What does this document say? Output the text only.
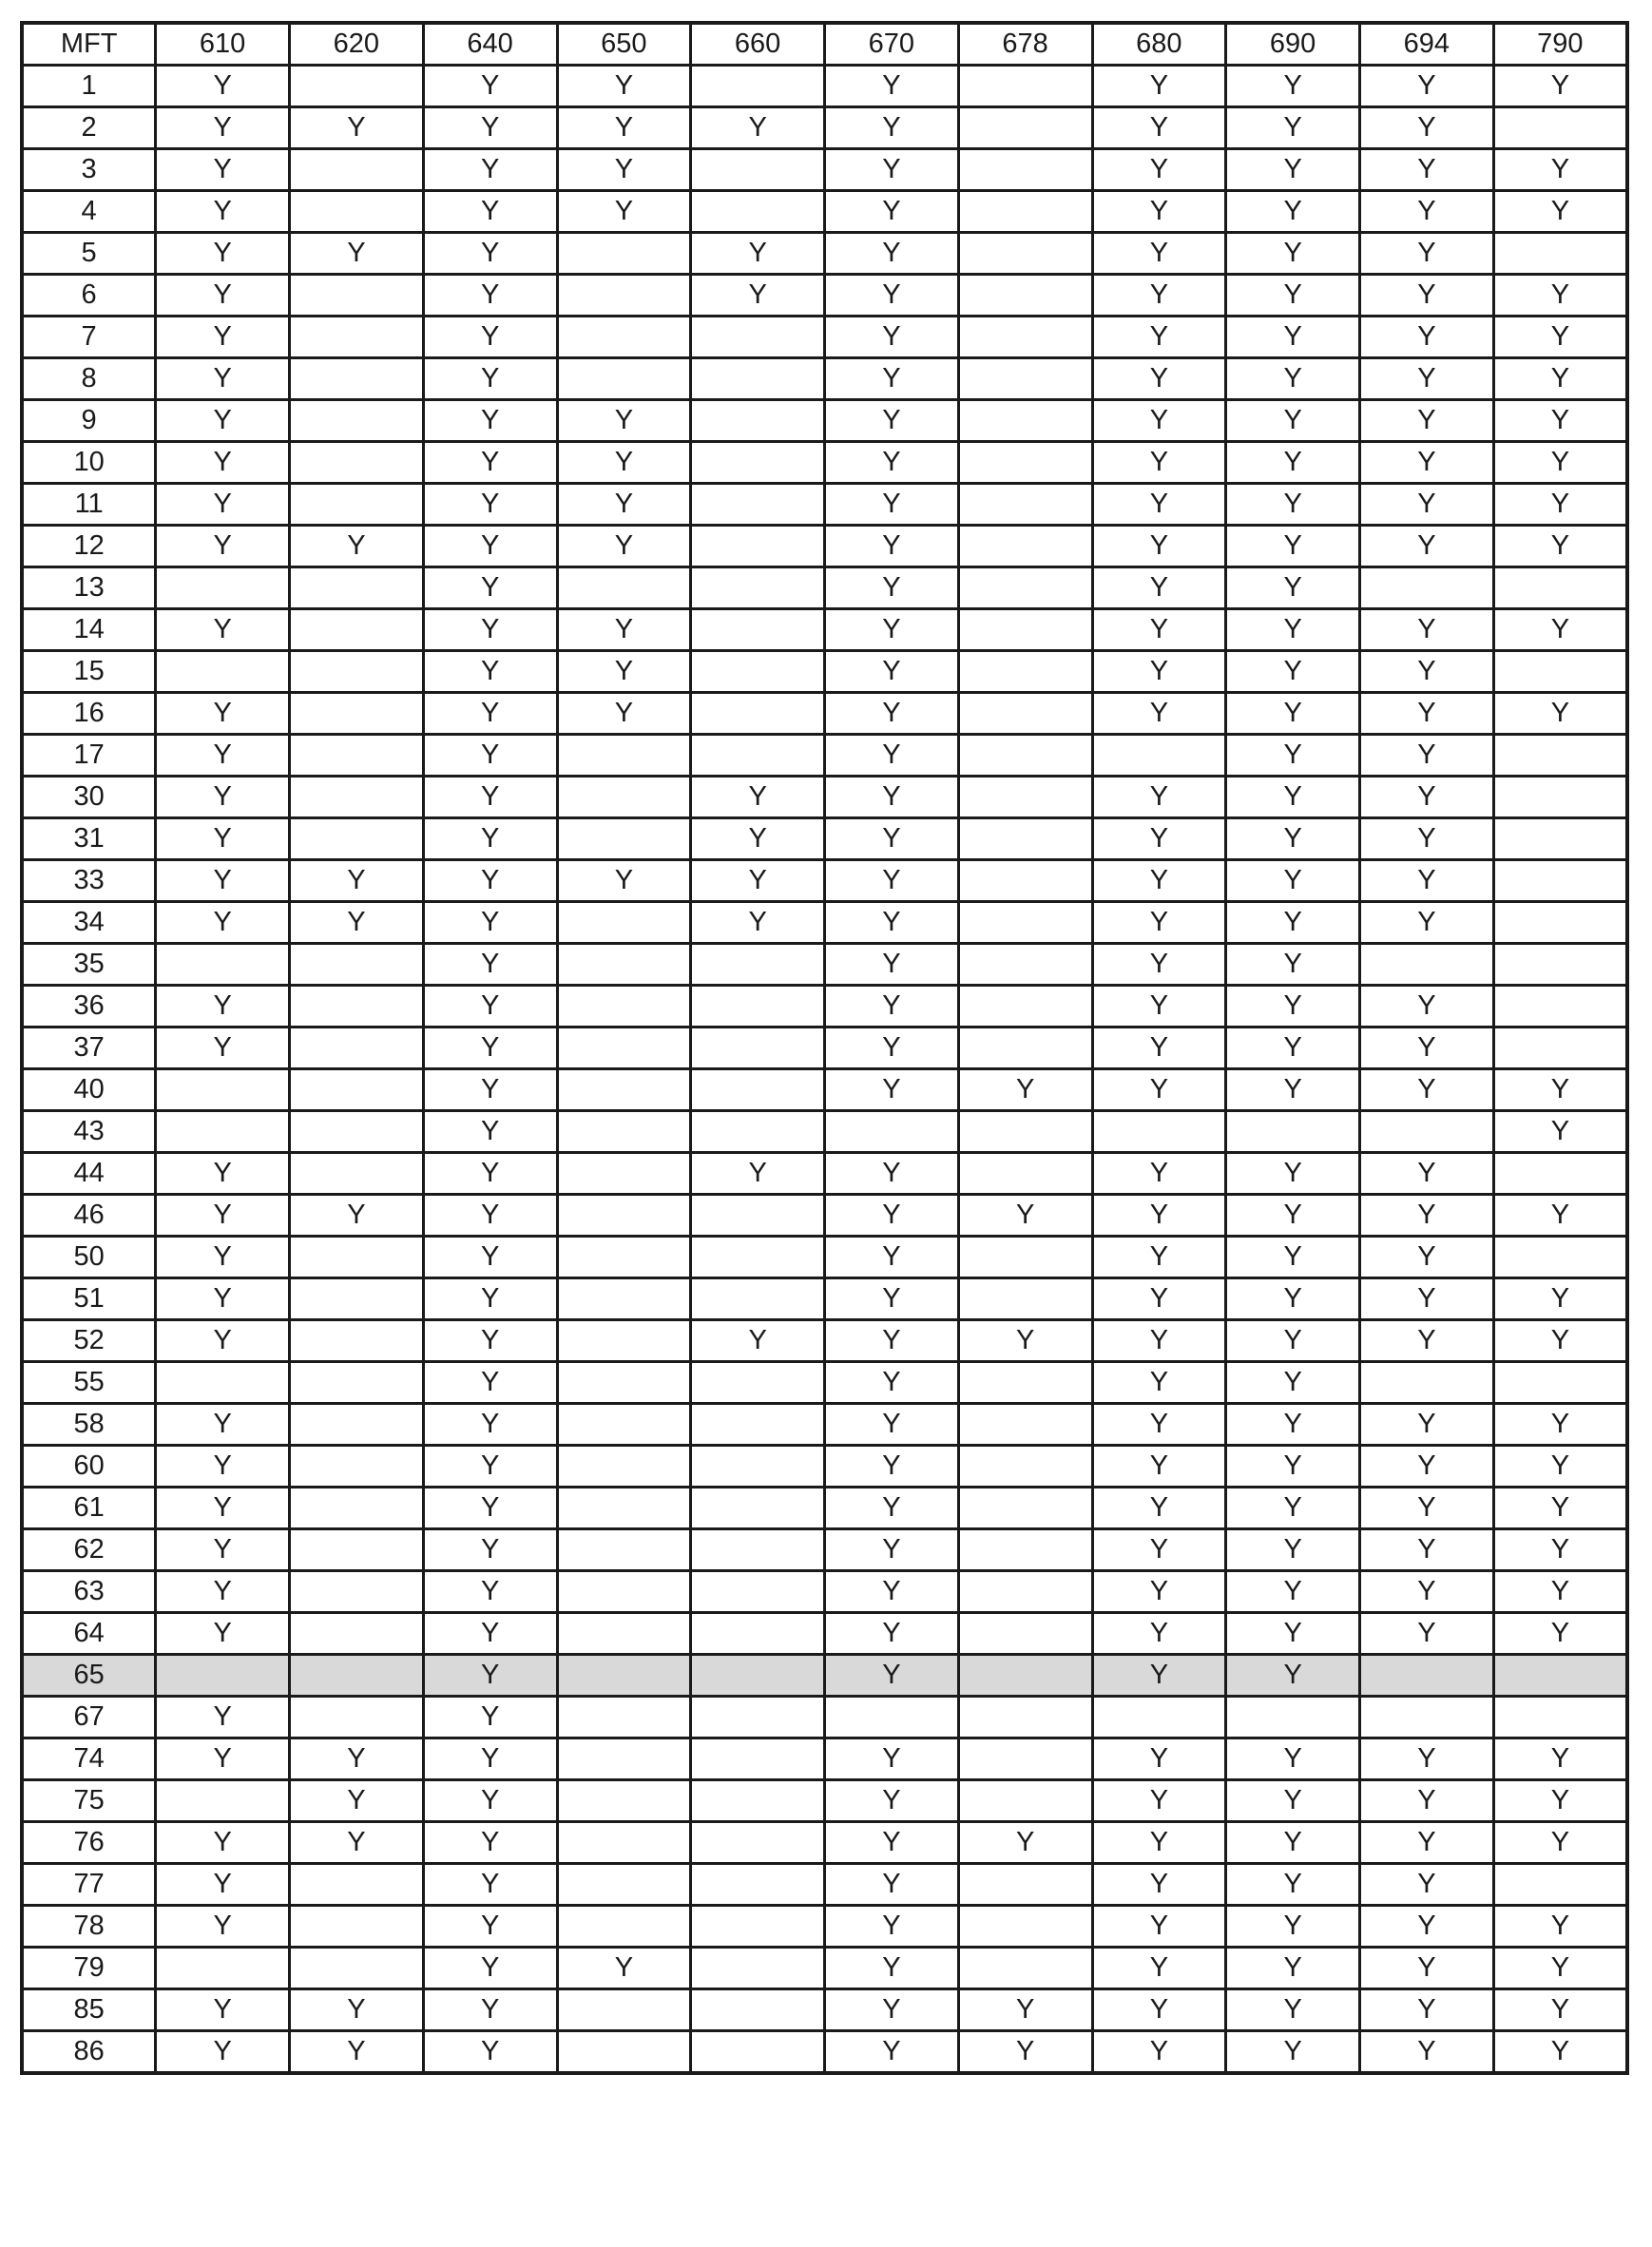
MFT	610	620	640	650	660	670	678	680	690	694	790
1	Y		Y	Y		Y		Y	Y	Y	Y
2	Y	Y	Y	Y	Y	Y		Y	Y	Y	
3	Y		Y	Y		Y		Y	Y	Y	Y
4	Y		Y	Y		Y		Y	Y	Y	Y
5	Y	Y	Y		Y	Y		Y	Y	Y	
6	Y		Y		Y	Y		Y	Y	Y	Y
7	Y		Y			Y		Y	Y	Y	Y
8	Y		Y			Y		Y	Y	Y	Y
9	Y		Y	Y		Y		Y	Y	Y	Y
10	Y		Y	Y		Y		Y	Y	Y	Y
11	Y		Y	Y		Y		Y	Y	Y	Y
12	Y	Y	Y	Y		Y		Y	Y	Y	Y
13			Y			Y		Y	Y		
14	Y		Y	Y		Y		Y	Y	Y	Y
15			Y	Y		Y		Y	Y	Y	
16	Y		Y	Y		Y		Y	Y	Y	Y
17	Y		Y			Y			Y	Y	
30	Y		Y		Y	Y		Y	Y	Y	
31	Y		Y		Y	Y		Y	Y	Y	
33	Y	Y	Y	Y	Y	Y		Y	Y	Y	
34	Y	Y	Y		Y	Y		Y	Y	Y	
35			Y			Y		Y	Y		
36	Y		Y			Y		Y	Y	Y	
37	Y		Y			Y		Y	Y	Y	
40			Y			Y	Y	Y	Y	Y	Y
43			Y								Y
44	Y		Y		Y	Y		Y	Y	Y	
46	Y	Y	Y			Y	Y	Y	Y	Y	Y
50	Y		Y			Y		Y	Y	Y	
51	Y		Y			Y		Y	Y	Y	Y
52	Y		Y		Y	Y	Y	Y	Y	Y	Y
55			Y			Y		Y	Y		
58	Y		Y			Y		Y	Y	Y	Y
60	Y		Y			Y		Y	Y	Y	Y
61	Y		Y			Y		Y	Y	Y	Y
62	Y		Y			Y		Y	Y	Y	Y
63	Y		Y			Y		Y	Y	Y	Y
64	Y		Y			Y		Y	Y	Y	Y
65			Y			Y		Y	Y		
67	Y		Y								
74	Y	Y	Y			Y		Y	Y	Y	Y
75		Y	Y			Y		Y	Y	Y	Y
76	Y	Y	Y			Y	Y	Y	Y	Y	Y
77	Y		Y			Y		Y	Y	Y	
78	Y		Y			Y		Y	Y	Y	Y
79			Y	Y		Y		Y	Y	Y	Y
85	Y	Y	Y			Y	Y	Y	Y	Y	Y
86	Y	Y	Y			Y	Y	Y	Y	Y	Y
